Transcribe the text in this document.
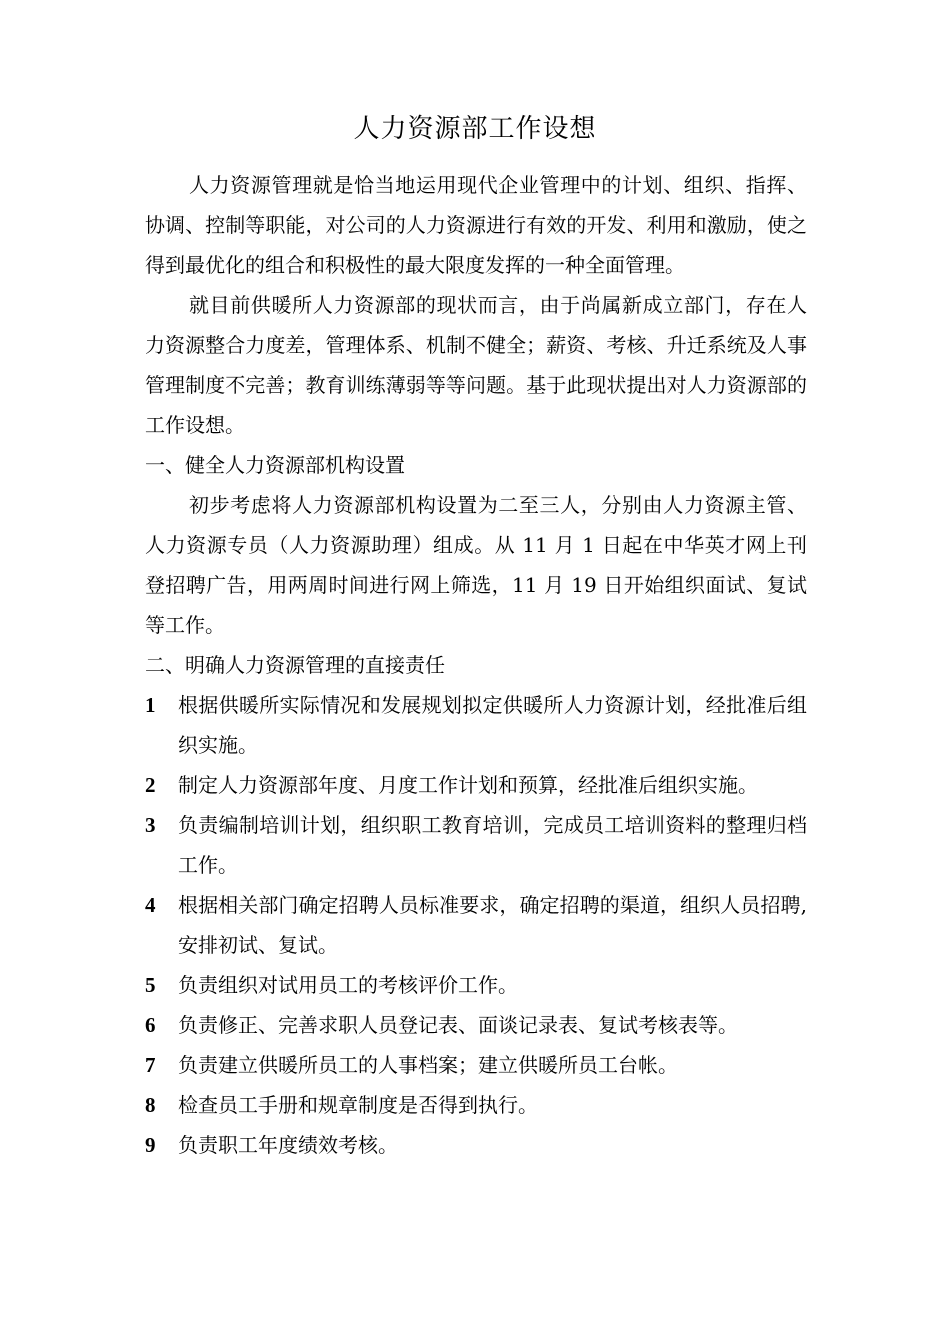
人力资源部工作设想

人力资源管理就是恰当地运用现代企业管理中的计划、组织、指挥、协调、控制等职能，对公司的人力资源进行有效的开发、利用和激励，使之得到最优化的组合和积极性的最大限度发挥的一种全面管理。

就目前供暖所人力资源部的现状而言，由于尚属新成立部门，存在人力资源整合力度差，管理体系、机制不健全；薪资、考核、升迁系统及人事管理制度不完善；教育训练薄弱等等问题。基于此现状提出对人力资源部的工作设想。

一、健全人力资源部机构设置

初步考虑将人力资源部机构设置为二至三人，分别由人力资源主管、人力资源专员（人力资源助理）组成。从 11 月 1 日起在中华英才网上刊登招聘广告，用两周时间进行网上筛选，11 月 19 日开始组织面试、复试等工作。

二、明确人力资源管理的直接责任

1	根据供暖所实际情况和发展规划拟定供暖所人力资源计划，经批准后组织实施。
2	制定人力资源部年度、月度工作计划和预算，经批准后组织实施。
3	负责编制培训计划，组织职工教育培训，完成员工培训资料的整理归档工作。
4	根据相关部门确定招聘人员标准要求，确定招聘的渠道，组织人员招聘,安排初试、复试。
5	负责组织对试用员工的考核评价工作。
6	负责修正、完善求职人员登记表、面谈记录表、复试考核表等。
7	负责建立供暖所员工的人事档案；建立供暖所员工台帐。
8	检查员工手册和规章制度是否得到执行。
9	负责职工年度绩效考核。
